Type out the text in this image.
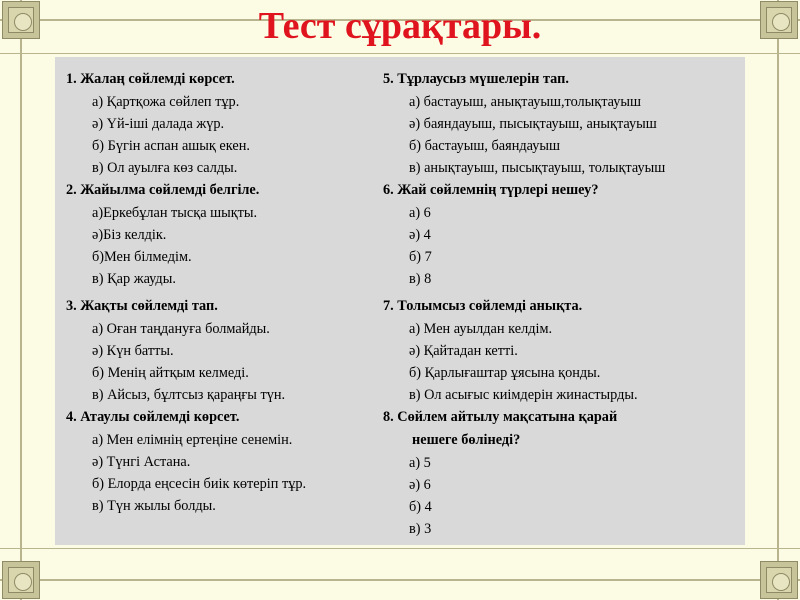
Тест сұрақтары.
1. Жалаң сөйлемді көрсет.
а) Қартқожа сөйлеп тұр.
ә) Үй-іші далада жүр.
б) Бүгін аспан ашық екен.
в) Ол ауылға көз салды.
2. Жайылма сөйлемді белгіле.
а)Еркебұлан тысқа шықты.
ә)Біз келдік.
б)Мен білмедім.
в) Қар жауды.
3. Жақты сөйлемді тап.
а) Оған таңдануға болмайды.
ә) Күн батты.
б) Менің айтқым келмеді.
в) Айсыз, бұлтсыз қараңғы түн.
4. Атаулы сөйлемді көрсет.
а) Мен елімнің ертеңіне сенемін.
ә) Түнгі Астана.
б) Елорда еңсесін биік көтеріп тұр.
в) Түн жылы болды.
5. Тұрлаусыз мүшелерін тап.
а) бастауыш, анықтауыш,толықтауыш
ә) баяндауыш, пысықтауыш, анықтауыш
б) бастауыш, баяндауыш
в) анықтауыш, пысықтауыш, толықтауыш
6. Жай сөйлемнің түрлері нешеу?
а) 6
ә) 4
б) 7
в) 8
7. Толымсыз сөйлемді анықта.
а) Мен ауылдан келдім.
ә) Қайтадан кетті.
б) Қарлығаштар ұясына қонды.
в) Ол асығыс киімдерін жинастырды.
8. Сөйлем айтылу мақсатына қарай
нешеге бөлінеді?
а) 5
ә) 6
б) 4
в) 3
